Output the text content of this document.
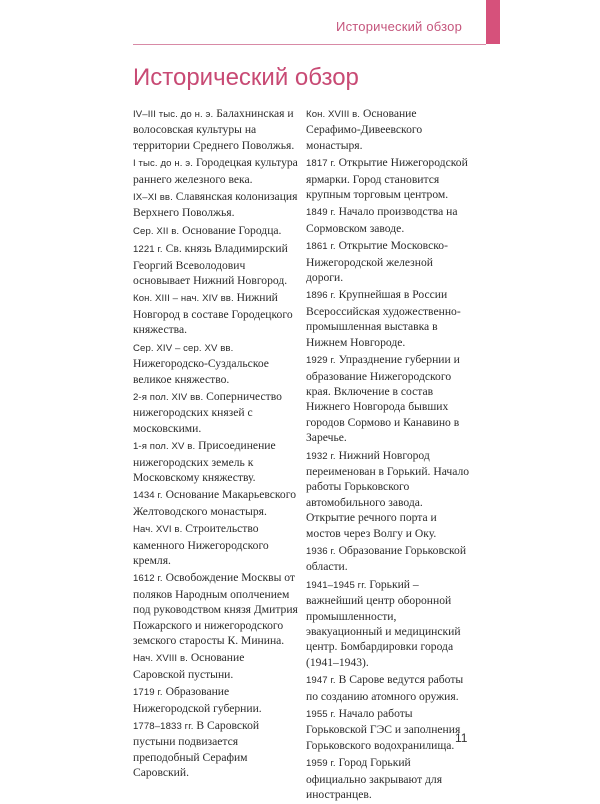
Исторический обзор
Исторический обзор

IV–III тыс. до н. э. Балахнинская и волосовская культуры на территории Среднего Поволжья.

I тыс. до н. э. Городецкая культура раннего железного века.

IX–XI вв. Славянская колонизация Верхнего Поволжья.

Сер. XII в. Основание Городца.

1221 г. Св. князь Владимирский Георгий Всеволодович основывает Нижний Новгород.

Кон. XIII – нач. XIV вв. Нижний Новгород в составе Городецкого княжества.

Сер. XIV – сер. XV вв. Нижегородско-Суздальское великое княжество.

2-я пол. XIV вв. Соперничество нижегородских князей с московскими.

1-я пол. XV в. Присоединение нижегородских земель к Московскому княжеству.

1434 г. Основание Макарьевского Желтоводского монастыря.

Нач. XVI в. Строительство каменного Нижегородского кремля.

1612 г. Освобождение Москвы от поляков Народным ополчением под руководством князя Дмитрия Пожарского и нижегородского земского старосты К. Минина.

Нач. XVIII в. Основание Саровской пустыни.

1719 г. Образование Нижегородской губернии.

1778–1833 гг. В Саровской пустыни подвизается преподобный Серафим Саровский.

Кон. XVIII в. Основание Серафимо-Дивеевского монастыря.

1817 г. Открытие Нижегородской ярмарки. Город становится крупным торговым центром.

1849 г. Начало производства на Сормовском заводе.

1861 г. Открытие Московско-Нижегородской железной дороги.

1896 г. Крупнейшая в России Всероссийская художественно-промышленная выставка в Нижнем Новгороде.

1929 г. Упразднение губернии и образование Нижегородского края. Включение в состав Нижнего Новгорода бывших городов Сормово и Канавино в Заречье.

1932 г. Нижний Новгород переименован в Горький. Начало работы Горьковского автомобильного завода. Открытие речного порта и мостов через Волгу и Оку.

1936 г. Образование Горьковской области.

1941–1945 гг. Горький – важнейший центр оборонной промышленности, эвакуационный и медицинский центр. Бомбардировки города (1941–1943).

1947 г. В Сарове ведутся работы по созданию атомного оружия.

1955 г. Начало работы Горьковской ГЭС и заполнения Горьковского водохранилища.

1959 г. Город Горький официально закрывают для иностранцев.

11
